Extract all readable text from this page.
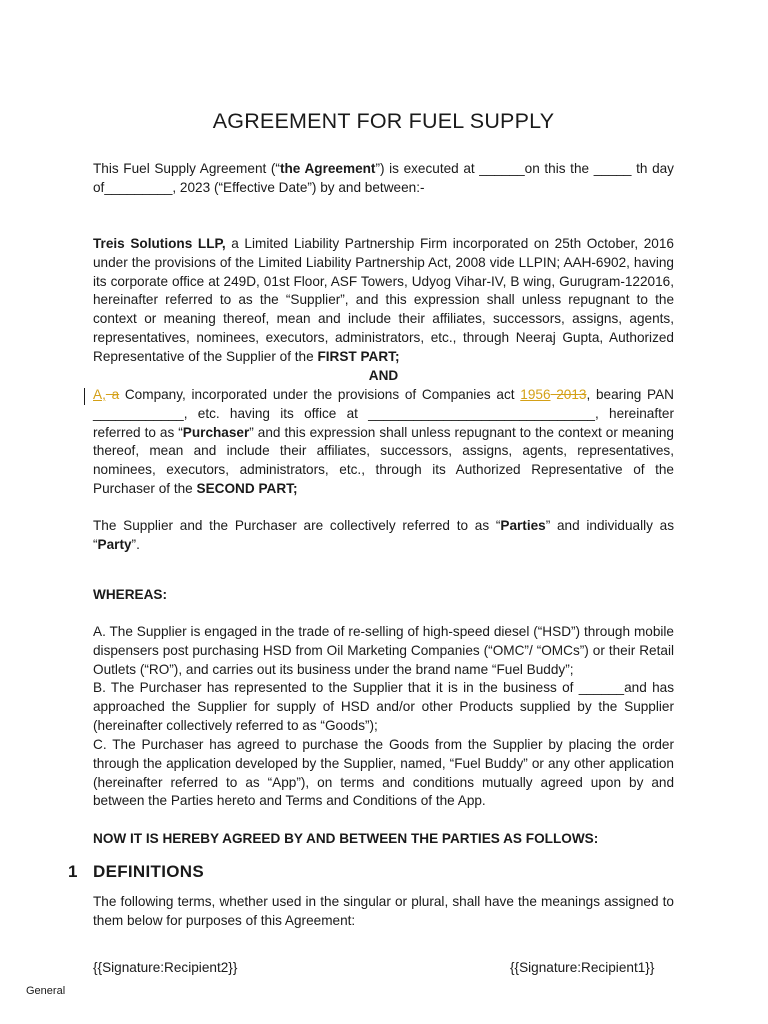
AGREEMENT FOR FUEL SUPPLY
This Fuel Supply Agreement (“the Agreement”) is executed at ______on this the _____ th day of_________, 2023 (“Effective Date”) by and between:-
Treis Solutions LLP, a Limited Liability Partnership Firm incorporated on 25th October, 2016 under the provisions of the Limited Liability Partnership Act, 2008 vide LLPIN; AAH-6902, having its corporate office at 249D, 01st Floor, ASF Towers, Udyog Vihar-IV, B wing, Gurugram-122016, hereinafter referred to as the “Supplier”, and this expression shall unless repugnant to the context or meaning thereof, mean and include their affiliates, successors, assigns, agents, representatives, nominees, executors, administrators, etc., through Neeraj Gupta, Authorized Representative of the Supplier of the FIRST PART;
AND
A, a Company, incorporated under the provisions of Companies act 1956 2013, bearing PAN ____________, etc. having its office at ______________________________, hereinafter referred to as “Purchaser” and this expression shall unless repugnant to the context or meaning thereof, mean and include their affiliates, successors, assigns, agents, representatives, nominees, executors, administrators, etc., through its Authorized Representative of the Purchaser of the SECOND PART;
The Supplier and the Purchaser are collectively referred to as “Parties” and individually as “Party”.
WHEREAS:
A. The Supplier is engaged in the trade of re-selling of high-speed diesel (“HSD”) through mobile dispensers post purchasing HSD from Oil Marketing Companies (“OMC”/ “OMCs”) or their Retail Outlets (“RO”), and carries out its business under the brand name “Fuel Buddy”;
B. The Purchaser has represented to the Supplier that it is in the business of ______and has approached the Supplier for supply of HSD and/or other Products supplied by the Supplier (hereinafter collectively referred to as “Goods”);
C. The Purchaser has agreed to purchase the Goods from the Supplier by placing the order through the application developed by the Supplier, named, “Fuel Buddy” or any other application (hereinafter referred to as “App”), on terms and conditions mutually agreed upon by and between the Parties hereto and Terms and Conditions of the App.
NOW IT IS HEREBY AGREED BY AND BETWEEN THE PARTIES AS FOLLOWS:
The following terms, whether used in the singular or plural, shall have the meanings assigned to them below for purposes of this Agreement:
1 DEFINITIONS
{{Signature:Recipient2}}	{{Signature:Recipient1}}
General
